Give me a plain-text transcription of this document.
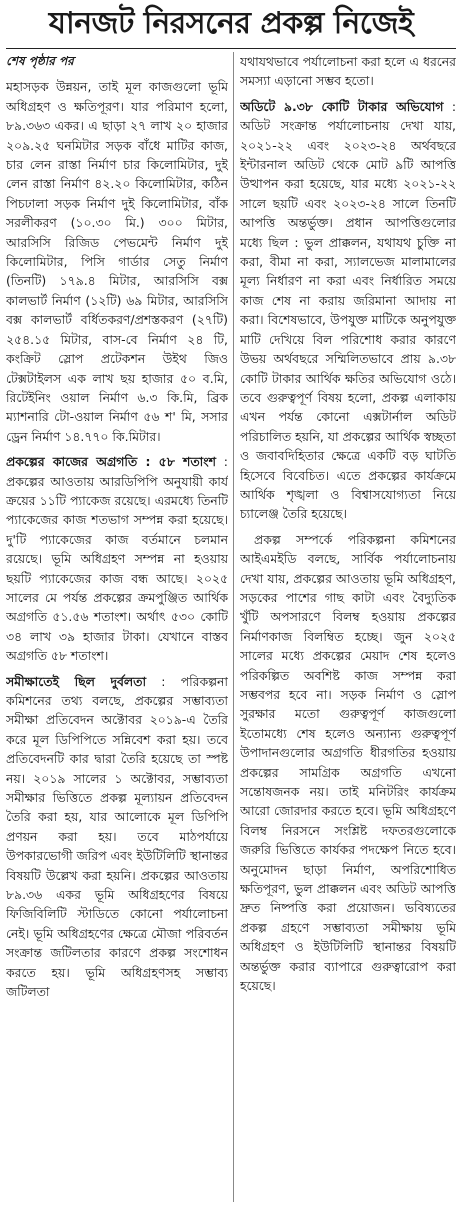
যানজট নিরসনের প্রকল্প নিজেই

শেষ পৃষ্ঠার পর

মহাসড়ক উন্নয়ন, তাই মূল কাজগুলো ভূমি অধিগ্রহণ ও ক্ষতিপূরণ। যার পরিমাণ হলো, ৮৯.৩৬৩ একর। এ ছাড়া ২৭ লাখ ২০ হাজার ২০৯.২৫ ঘনমিটার সড়ক বাঁধে মাটির কাজ, চার লেন রাস্তা নির্মাণ চার কিলোমিটার, দুই লেন রাস্তা নির্মাণ ৪২.২০ কিলোমিটার, কঠিন পিচঢালা সড়ক নির্মাণ দুই কিলোমিটার, বাঁক সরলীকরণ (১০.৩০ মি.) ৩০০ মিটার, আরসিসি রিজিড পেভমেন্ট নির্মাণ দুই কিলোমিটার, পিসি গার্ডার সেতু নির্মাণ (তিনটি) ১৭৯.৪ মিটার, আরসিসি বক্স কালভার্ট নির্মাণ (১২টি) ৬৯ মিটার, আরসিসি বক্স কালভার্ট বর্ধিতকরণ/প্রশস্তকরণ (২৭টি) ২৫৪.১৫ মিটার, বাস-বে নির্মাণ ২৪ টি, কংক্রিট স্লোপ প্রটেকশন উইথ জিও টেক্সটাইলস এক লাখ ছয় হাজার ৫০ ব.মি, রিটেইনিং ওয়াল নির্মাণ ৬.৩ কি.মি, ব্রিক ম্যাশনারি টো-ওয়াল নির্মাণ ৫৬ শ' মি, সসার ড্রেন নির্মাণ ১৪.৭৭০ কি.মিটার।

প্রকল্পের কাজের অগ্রগতি : ৫৮ শতাংশ : প্রকল্পের আওতায় আরডিপিপি অনুযায়ী কার্য ক্রয়ের ১১টি প্যাকেজ রয়েছে। এরমধ্যে তিনটি প্যাকেজের কাজ শতভাগ সম্পন্ন করা হয়েছে। দু'টি প্যাকেজের কাজ বর্তমানে চলমান রয়েছে। ভূমি অধিগ্রহণ সম্পন্ন না হওয়ায় ছয়টি প্যাকেজের কাজ বন্ধ আছে। ২০২৫ সালের মে পর্যন্ত প্রকল্পের ক্রমপুঞ্জিত আর্থিক অগ্রগতি ৫১.৫৬ শতাংশ। অর্থাৎ ৫৩০ কোটি ৩৪ লাখ ৩৯ হাজার টাকা। যেখানে বাস্তব অগ্রগতি ৫৮ শতাংশ।

সমীক্ষাতেই ছিল দুর্বলতা : পরিকল্পনা কমিশনের তথ্য বলছে, প্রকল্পের সম্ভাব্যতা সমীক্ষা প্রতিবেদন অক্টোবর ২০১৯-এ তৈরি করে মূল ডিপিপিতে সন্নিবেশ করা হয়। তবে প্রতিবেদনটি কার দ্বারা তৈরি হয়েছে তা স্পষ্ট নয়। ২০১৯ সালের ১ অক্টোবর, সম্ভাব্যতা সমীক্ষার ভিত্তিতে প্রকল্প মূল্যায়ন প্রতিবেদন তৈরি করা হয়, যার আলোকে মূল ডিপিপি প্রণয়ন করা হয়। তবে মাঠপর্যায়ে উপকারভোগী জরিপ এবং ইউটিলিটি স্থানান্তর বিষয়টি উল্লেখ করা হয়নি। প্রকল্পের আওতায় ৮৯.৩৬ একর ভূমি অধিগ্রহণের বিষয়ে ফিজিবিলিটি স্টাডিতে কোনো পর্যালোচনা নেই। ভূমি অধিগ্রহণের ক্ষেত্রে মৌজা পরিবর্তন সংক্রান্ত জটিলতার কারণে প্রকল্প সংশোধন করতে হয়। ভূমি অধিগ্রহণসহ সম্ভাব্য জটিলতা

যথাযথভাবে পর্যালোচনা করা হলে এ ধরনের সমস্যা এড়ানো সম্ভব হতো।

অডিটে ৯.৩৮ কোটি টাকার অভিযোগ : অডিট সংক্রান্ত পর্যালোচনায় দেখা যায়, ২০২১-২২ এবং ২০২৩-২৪ অর্থবছরে ইন্টারনাল অডিট থেকে মোট ৯টি আপত্তি উত্থাপন করা হয়েছে, যার মধ্যে ২০২১-২২ সালে ছয়টি এবং ২০২৩-২৪ সালে তিনটি আপত্তি অন্তর্ভুক্ত। প্রধান আপত্তিগুলোর মধ্যে ছিল : ভুল প্রাক্কলন, যথাযথ চুক্তি না করা, বীমা না করা, স্যালভেজ মালামালের মূল্য নির্ধারণ না করা এবং নির্ধারিত সময়ে কাজ শেষ না করায় জরিমানা আদায় না করা। বিশেষভাবে, উপযুক্ত মাটিকে অনুপযুক্ত মাটি দেখিয়ে বিল পরিশোধ করার কারণে উভয় অর্থবছরে সম্মিলিতভাবে প্রায় ৯.৩৮ কোটি টাকার আর্থিক ক্ষতির অভিযোগ ওঠে। তবে গুরুত্বপূর্ণ বিষয় হলো, প্রকল্প এলাকায় এখন পর্যন্ত কোনো এক্সটার্নাল অডিট পরিচালিত হয়নি, যা প্রকল্পের আর্থিক স্বচ্ছতা ও জবাবদিহিতার ক্ষেত্রে একটি বড় ঘাটতি হিসেবে বিবেচিত। এতে প্রকল্পের কার্যক্রমে আর্থিক শৃঙ্খলা ও বিশ্বাসযোগ্যতা নিয়ে চ্যালেঞ্জ তৈরি হয়েছে।

প্রকল্প সম্পর্কে পরিকল্পনা কমিশনের আইএমইডি বলছে, সার্বিক পর্যালোচনায় দেখা যায়, প্রকল্পের আওতায় ভূমি অধিগ্রহণ, সড়কের পাশের গাছ কাটা এবং বৈদ্যুতিক খুঁটি অপসারণে বিলম্ব হওয়ায় প্রকল্পের নির্মাণকাজ বিলম্বিত হচ্ছে। জুন ২০২৫ সালের মধ্যে প্রকল্পের মেয়াদ শেষ হলেও পরিকল্পিত অবশিষ্ট কাজ সম্পন্ন করা সম্ভবপর হবে না। সড়ক নির্মাণ ও স্লোপ সুরক্ষার মতো গুরুত্বপূর্ণ কাজগুলো ইতোমধ্যে শেষ হলেও অন্যান্য গুরুত্বপূর্ণ উপাদানগুলোর অগ্রগতি ধীরগতির হওয়ায় প্রকল্পের সামগ্রিক অগ্রগতি এখনো সন্তোষজনক নয়। তাই মনিটরিং কার্যক্রম আরো জোরদার করতে হবে। ভূমি অধিগ্রহণে বিলম্ব নিরসনে সংশ্লিষ্ট দফতরগুলোকে জরুরি ভিত্তিতে কার্যকর পদক্ষেপ নিতে হবে। অনুমোদন ছাড়া নির্মাণ, অপরিশোধিত ক্ষতিপূরণ, ভুল প্রাক্কলন এবং অডিট আপত্তি দ্রুত নিষ্পত্তি করা প্রয়োজন। ভবিষ্যতের প্রকল্প গ্রহণে সম্ভাব্যতা সমীক্ষায় ভূমি অধিগ্রহণ ও ইউটিলিটি স্থানান্তর বিষয়টি অন্তর্ভুক্ত করার ব্যাপারে গুরুত্বারোপ করা হয়েছে।
